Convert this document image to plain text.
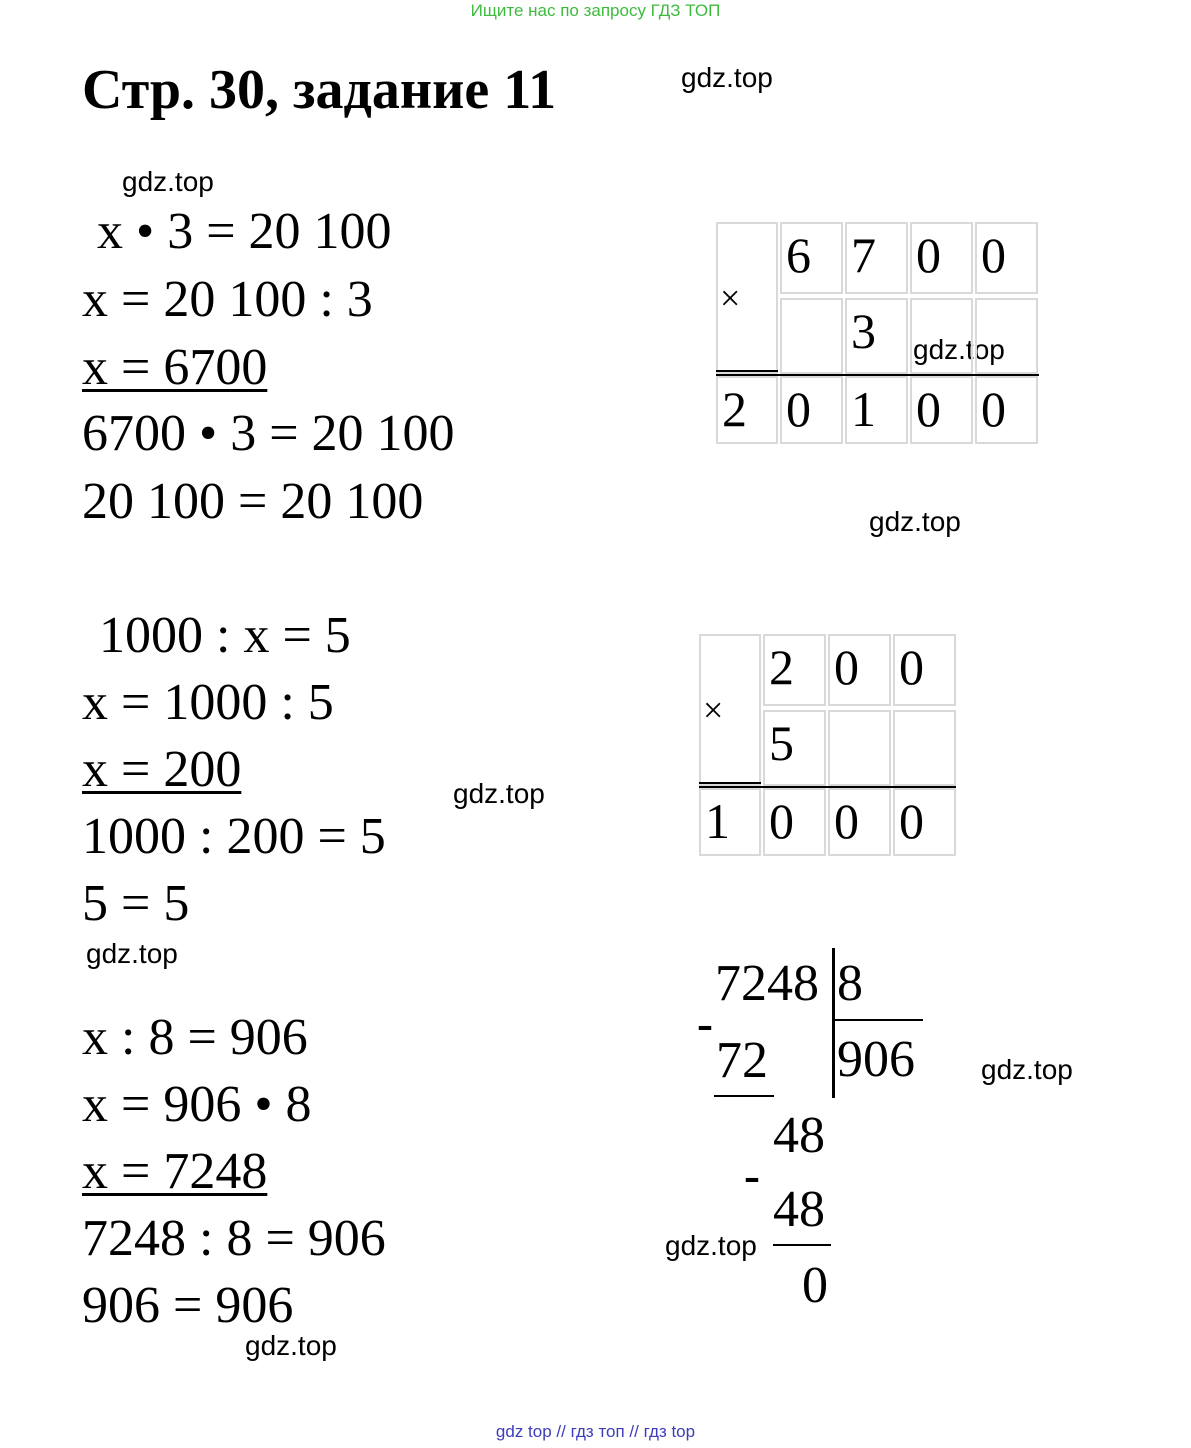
Ищите нас по запросу ГДЗ ТОП
Стр. 30, задание 11	gdz.top
gdz.top
gdz.top
gdz.top
gdz.top
gdz.top
gdz.top
gdz.top
gdz.top
x • 3 = 20 100
x = 20 100 : 3
x = 6700
6700 • 3 = 20 100
20 100 = 20 100
1000 : x = 5
x = 1000 : 5
x = 200
1000 : 200 = 5
5 = 5
x : 8 = 906
x = 906 • 8
x = 7248
7248 : 8 = 906
906 = 906
×
6 7 0 0
3
2 0 1 0 0
×
2 0 0
5
1 0 0 0
7248 8
906
-
72
48
-
48
0
gdz top // гдз топ // гдз top
